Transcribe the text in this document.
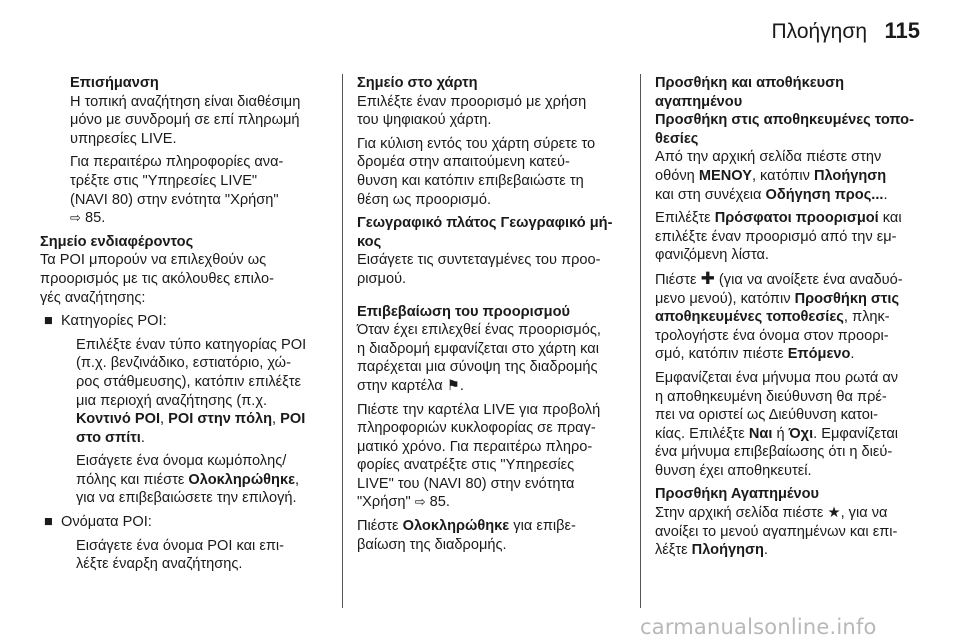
Πλοήγηση 115

Επισήμανση

Η τοπική αναζήτηση είναι διαθέσιμη

μόνο με συνδρομή σε επί πληρωμή

υπηρεσίες LIVE.

Για περαιτέρω πληροφορίες ανα-

τρέξτε στις "Υπηρεσίες LIVE"

(NAVI 80) στην ενότητα "Χρήση"

⇨ 85.

Σημείο ενδιαφέροντος

Τα POI μπορούν να επιλεχθούν ως

προορισμός με τις ακόλουθες επιλο-

γές αναζήτησης:

■ Κατηγορίες POI:

Επιλέξτε έναν τύπο κατηγορίας POI

(π.χ. βενζινάδικο, εστιατόριο, χώ-

ρος στάθμευσης), κατόπιν επιλέξτε

μια περιοχή αναζήτησης (π.χ.

Κοντινό POI, POI στην πόλη, POI

στο σπίτι.

Εισάγετε ένα όνομα κωμόπολης/

πόλης και πιέστε Ολοκληρώθηκε,

για να επιβεβαιώσετε την επιλογή.

■ Ονόματα POI:

Εισάγετε ένα όνομα POI και επι-

λέξτε έναρξη αναζήτησης.

Σημείο στο χάρτη

Επιλέξτε έναν προορισμό με χρήση

του ψηφιακού χάρτη.

Για κύλιση εντός του χάρτη σύρετε το

δρομέα στην απαιτούμενη κατεύ-

θυνση και κατόπιν επιβεβαιώστε τη

θέση ως προορισμό.

Γεωγραφικό πλάτος Γεωγραφικό μή-

κος

Εισάγετε τις συντεταγμένες του προο-

ρισμού.

Επιβεβαίωση του προορισμού

Όταν έχει επιλεχθεί ένας προορισμός,

η διαδρομή εμφανίζεται στο χάρτη και

παρέχεται μια σύνοψη της διαδρομής

στην καρτέλα ⚑.

Πιέστε την καρτέλα LIVE για προβολή

πληροφοριών κυκλοφορίας σε πραγ-

ματικό χρόνο. Για περαιτέρω πληρο-

φορίες ανατρέξτε στις "Υπηρεσίες

LIVE" του (NAVI 80) στην ενότητα

"Χρήση" ⇨ 85.

Πιέστε Ολοκληρώθηκε για επιβε-

βαίωση της διαδρομής.

Προσθήκη και αποθήκευση

αγαπημένου

Προσθήκη στις αποθηκευμένες τοπο-

θεσίες

Από την αρχική σελίδα πιέστε στην

οθόνη ΜΕΝΟΥ, κατόπιν Πλοήγηση

και στη συνέχεια Οδήγηση προς....

Επιλέξτε Πρόσφατοι προορισμοί και

επιλέξτε έναν προορισμό από την εμ-

φανιζόμενη λίστα.

Πιέστε ✚ (για να ανοίξετε ένα αναδυό-

μενο μενού), κατόπιν Προσθήκη στις

αποθηκευμένες τοποθεσίες, πληκ-

τρολογήστε ένα όνομα στον προορι-

σμό, κατόπιν πιέστε Επόμενο.

Εμφανίζεται ένα μήνυμα που ρωτά αν

η αποθηκευμένη διεύθυνση θα πρέ-

πει να οριστεί ως Διεύθυνση κατοι-

κίας. Επιλέξτε Ναι ή Όχι. Εμφανίζεται

ένα μήνυμα επιβεβαίωσης ότι η διεύ-

θυνση έχει αποθηκευτεί.

Προσθήκη Αγαπημένου

Στην αρχική σελίδα πιέστε ★, για να

ανοίξει το μενού αγαπημένων και επι-

λέξτε Πλοήγηση.

carmanualsonline.info
